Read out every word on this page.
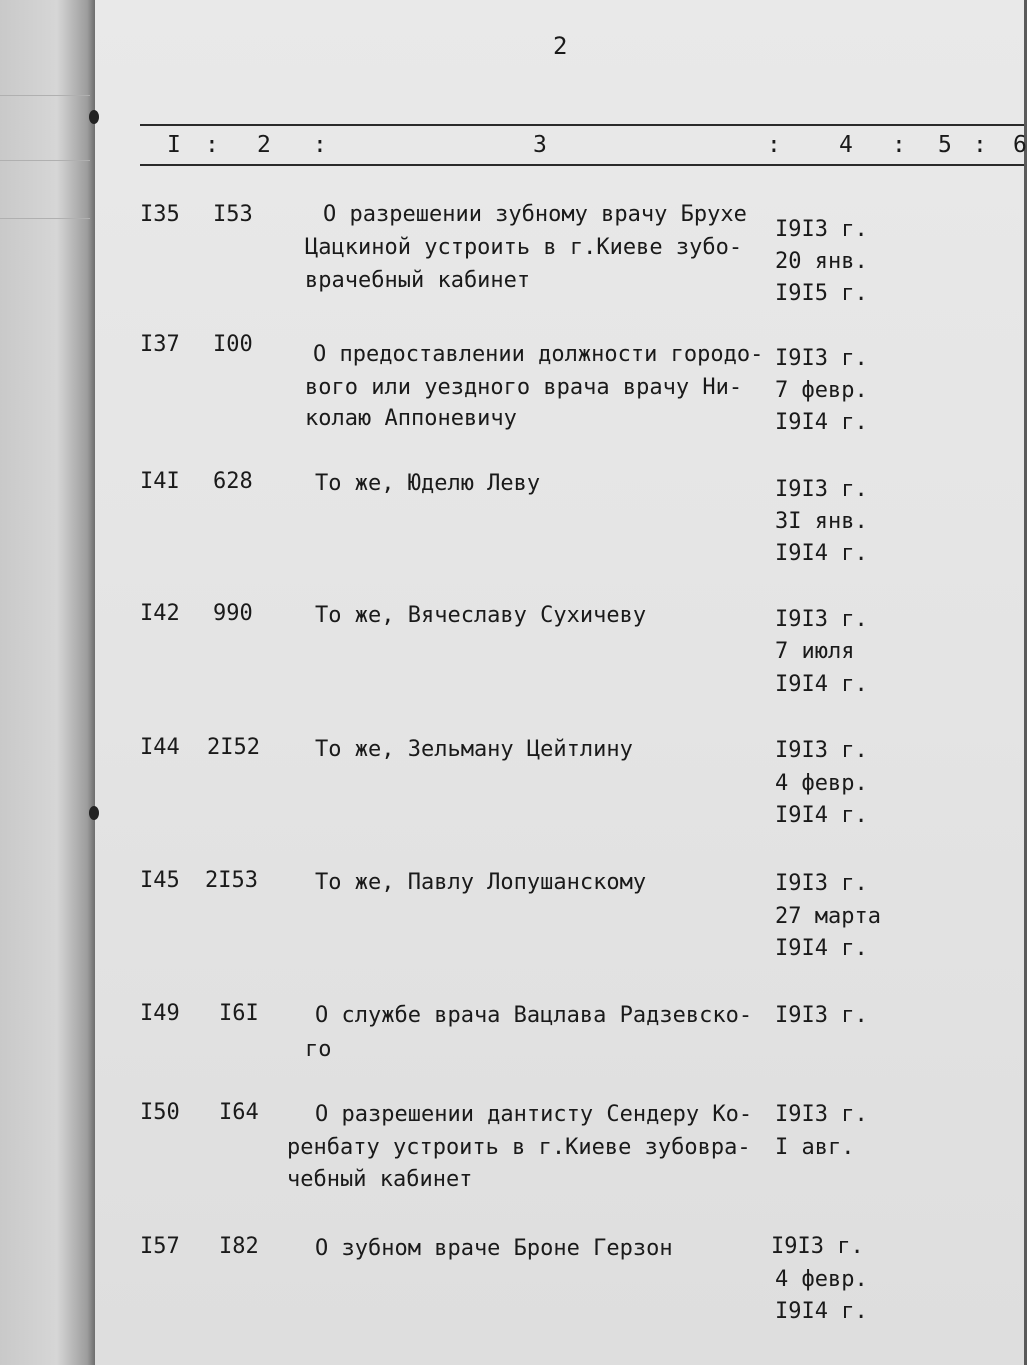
2
I : 2 :	3	:	4 : 5 : 6
I35 I53	О разрешении зубному врачу Брухе
Цацкиной устроить в г.Киеве зубо-
врачебный кабинет
I9I3 г.
20 янв.
I9I5 г.
I37 I00	О предоставлении должности городо-
вого или уездного врача врачу Ни-
колаю Аппоневичу
I9I3 г.
7 февр.
I9I4 г.
I4I 628	То же, Юделю Леву	I9I3 г.
3I янв.
I9I4 г.
I42 990	То же, Вячеславу Сухичеву	I9I3 г.
7 июля
I9I4 г.
I44 2I52	То же, Зельману Цейтлину	I9I3 г.
4 февр.
I9I4 г.
I45 2I53	То же, Павлу Лопушанскому	I9I3 г.
27 марта
I9I4 г.
I49 I6I	О службе врача Вацлава Радзевско-
го
I9I3 г.
I50 I64	О разрешении дантисту Сендеру Ко-
ренбату устроить в г.Киеве зубовра-
чебный кабинет
I9I3 г.
I авг.
I57 I82	О зубном враче Броне Герзон	I9I3 г.
4 февр.
I9I4 г.
